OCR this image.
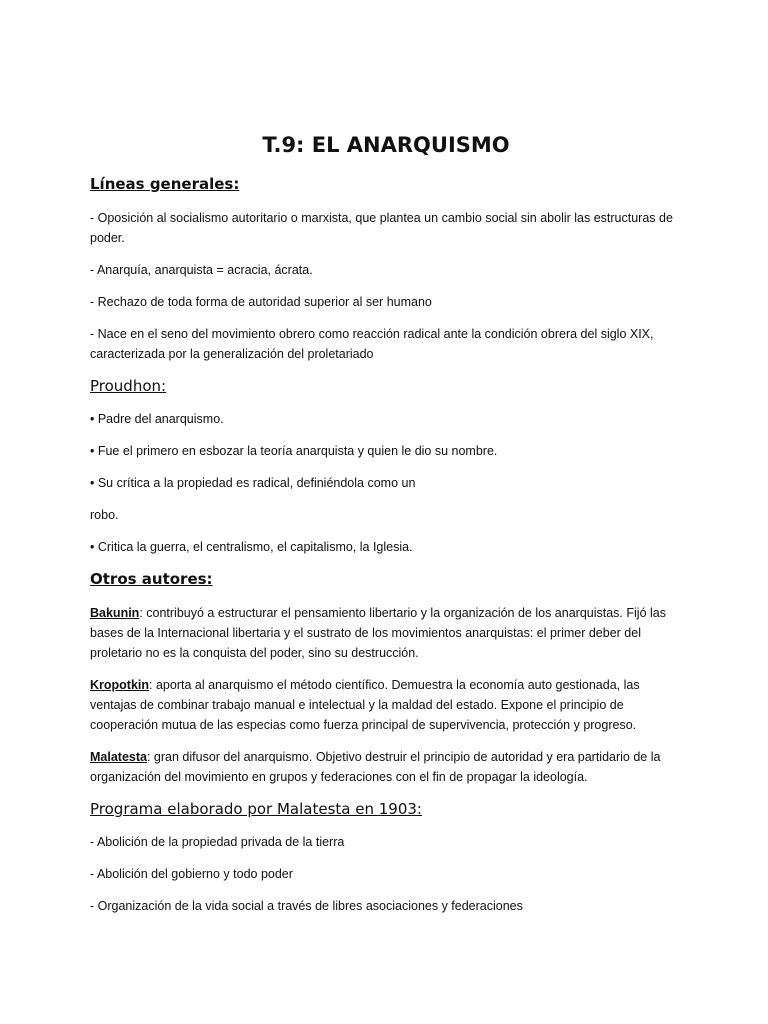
T.9: EL ANARQUISMO
Líneas generales:

- Oposición al socialismo autoritario o marxista, que plantea un cambio social sin abolir las estructuras de poder.

- Anarquía, anarquista = acracia, ácrata.

- Rechazo de toda forma de autoridad superior al ser humano

- Nace en el seno del movimiento obrero como reacción radical ante la condición obrera del siglo XIX, caracterizada por la generalización del proletariado

Proudhon:

• Padre del anarquismo.

• Fue el primero en esbozar la teoría anarquista y quien le dio su nombre.

• Su crítica a la propiedad es radical, definiéndola como un

robo.

• Critica la guerra, el centralismo, el capitalismo, la Iglesia.

Otros autores:

Bakunin: contribuyó a estructurar el pensamiento libertario y la organización de los anarquistas. Fijó las bases de la Internacional libertaria y el sustrato de los movimientos anarquistas: el primer deber del proletario no es la conquista del poder, sino su destrucción.

Kropotkin: aporta al anarquismo el método científico. Demuestra la economía auto gestionada, las ventajas de combinar trabajo manual e intelectual y la maldad del estado. Expone el principio de cooperación mutua de las especias como fuerza principal de supervivencia, protección y progreso.

Malatesta: gran difusor del anarquismo. Objetivo destruir el principio de autoridad y era partidario de la organización del movimiento en grupos y federaciones con el fin de propagar la ideología.

Programa elaborado por Malatesta en 1903:

- Abolición de la propiedad privada de la tierra

- Abolición del gobierno y todo poder

- Organización de la vida social a través de libres asociaciones y federaciones
